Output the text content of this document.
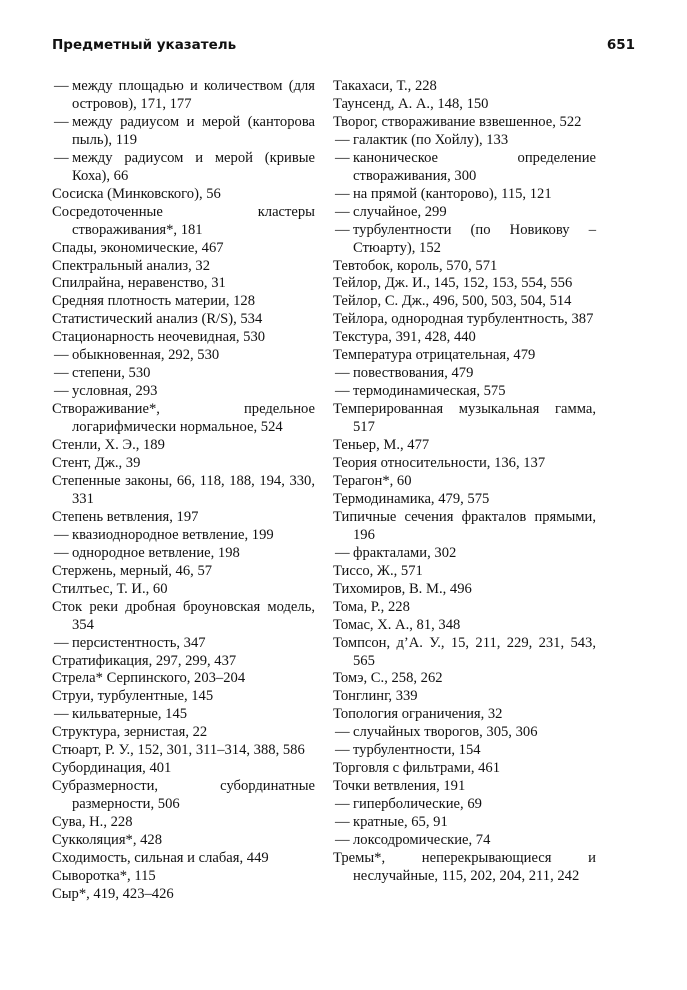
Предметный указатель	651
— между площадью и количеством (для островов), 171, 177
— между радиусом и мерой (канторова пыль), 119
— между радиусом и мерой (кривые Коха), 66
Сосиска (Минковского), 56
Сосредоточенные кластеры створаживания*, 181
Спады, экономические, 467
Спектральный анализ, 32
Спилрайна, неравенство, 31
Средняя плотность материи, 128
Статистический анализ (R/S), 534
Стационарность неочевидная, 530
— обыкновенная, 292, 530
— степени, 530
— условная, 293
Створаживание*, предельное логарифмически нормальное, 524
Стенли, Х. Э., 189
Стент, Дж., 39
Степенные законы, 66, 118, 188, 194, 330, 331
Степень ветвления, 197
— квазиоднородное ветвление, 199
— однородное ветвление, 198
Стержень, мерный, 46, 57
Стилтьес, Т. И., 60
Сток реки дробная броуновская модель, 354
— персистентность, 347
Стратификация, 297, 299, 437
Стрела* Серпинского, 203–204
Струи, турбулентные, 145
— кильватерные, 145
Структура, зернистая, 22
Стюарт, Р. У., 152, 301, 311–314, 388, 586
Субординация, 401
Субразмерности, субординатные размерности, 506
Сува, Н., 228
Сукколяция*, 428
Сходимость, сильная и слабая, 449
Сыворотка*, 115
Сыр*, 419, 423–426
Такахаси, Т., 228
Таунсенд, А. А., 148, 150
Творог, створаживание взвешенное, 522
— галактик (по Хойлу), 133
— каноническое определение створаживания, 300
— на прямой (канторово), 115, 121
— случайное, 299
— турбулентности (по Новикову – Стюарту), 152
Тевтобок, король, 570, 571
Тейлор, Дж. И., 145, 152, 153, 554, 556
Тейлор, С. Дж., 496, 500, 503, 504, 514
Тейлора, однородная турбулентность, 387
Текстура, 391, 428, 440
Температура отрицательная, 479
— повествования, 479
— термодинамическая, 575
Темперированная музыкальная гамма, 517
Теньер, М., 477
Теория относительности, 136, 137
Терагон*, 60
Термодинамика, 479, 575
Типичные сечения фракталов прямыми, 196
— фракталами, 302
Тиссо, Ж., 571
Тихомиров, В. М., 496
Тома, Р., 228
Томас, Х. А., 81, 348
Томпсон, д’А. У., 15, 211, 229, 231, 543, 565
Томэ, С., 258, 262
Тонглинг, 339
Топология ограничения, 32
— случайных творогов, 305, 306
— турбулентности, 154
Торговля с фильтрами, 461
Точки ветвления, 191
— гиперболические, 69
— кратные, 65, 91
— локсодромические, 74
Тремы*, неперекрывающиеся и неслучайные, 115, 202, 204, 211, 242
